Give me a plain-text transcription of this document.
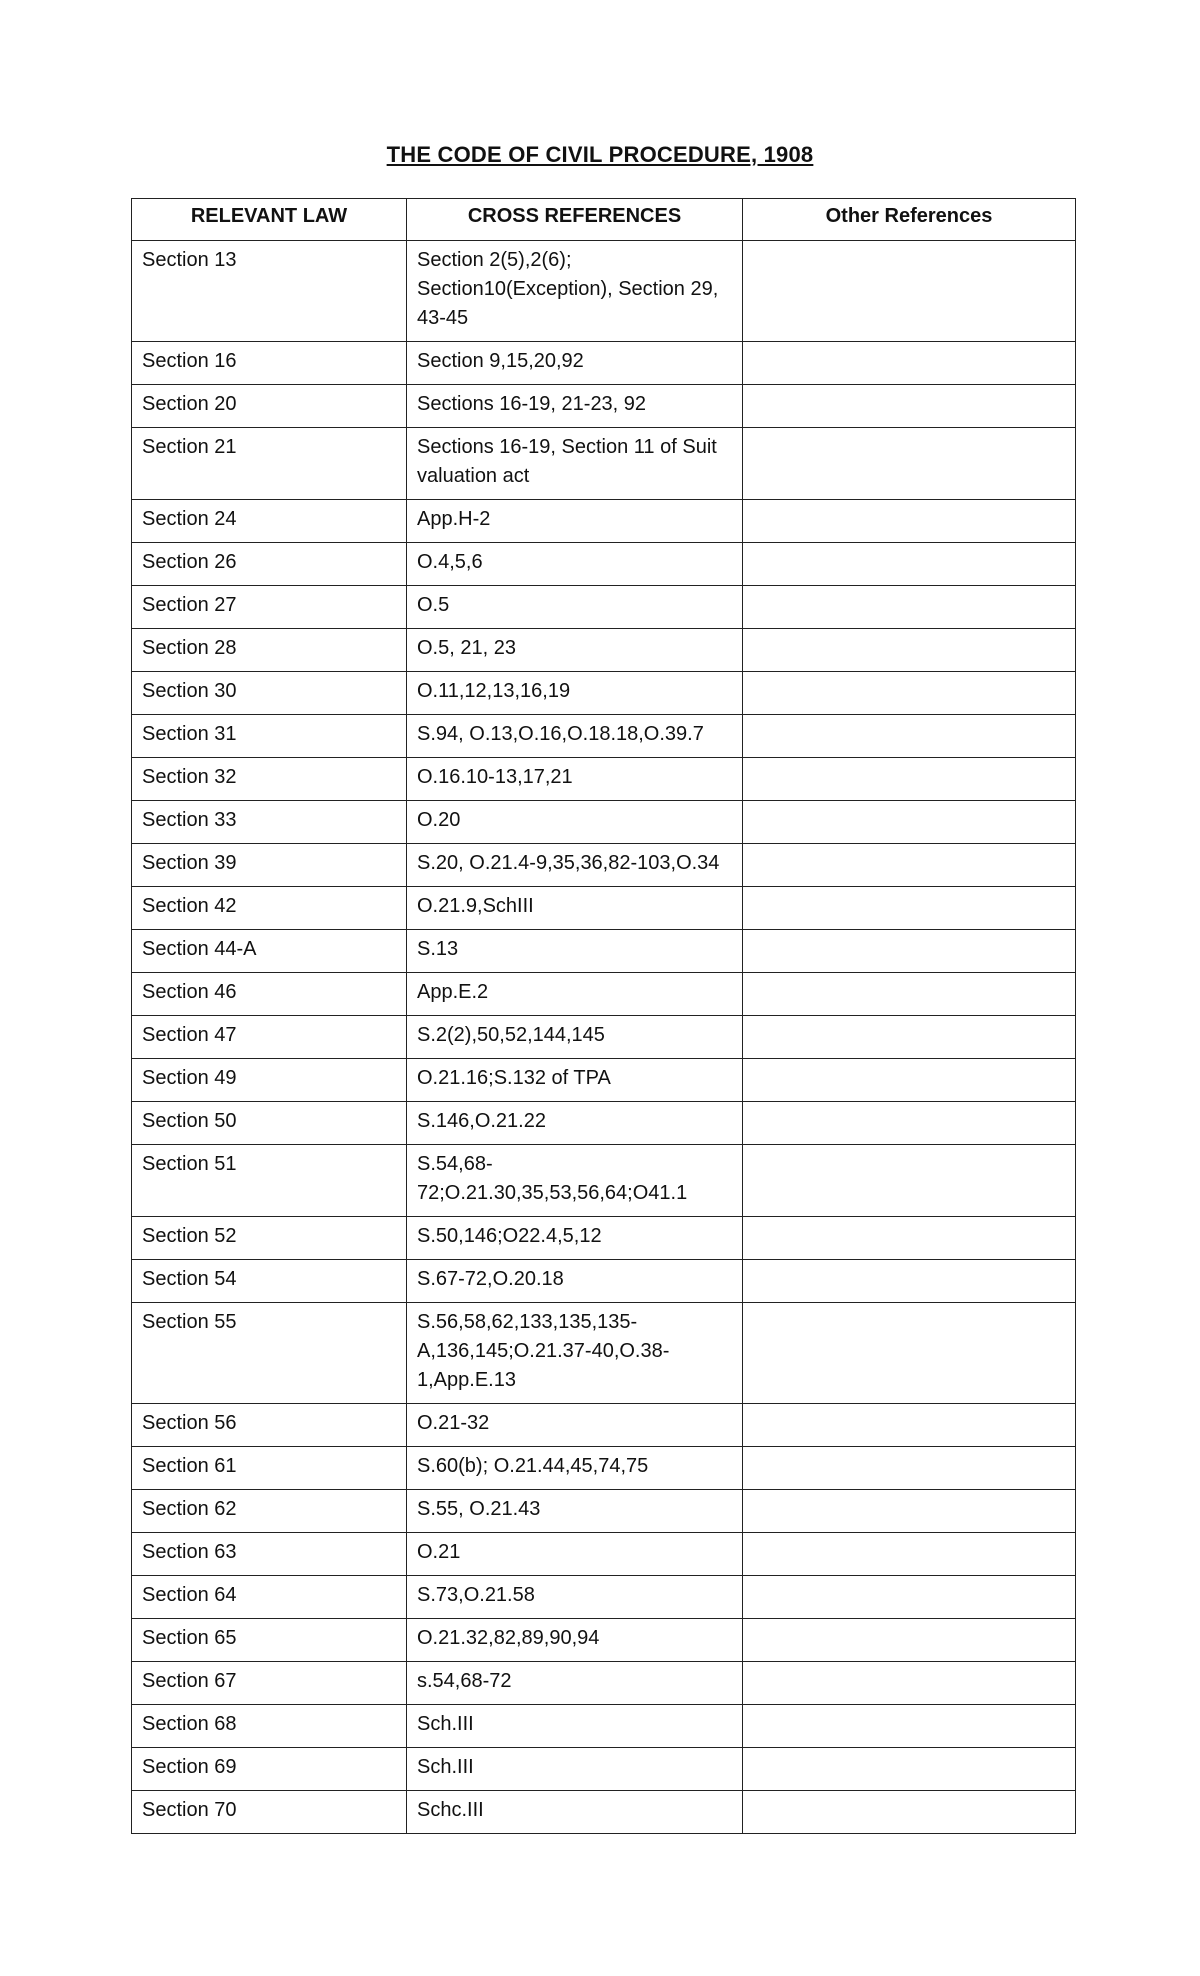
THE CODE OF CIVIL PROCEDURE, 1908
RELEVANT LAW	CROSS REFERENCES	Other References
Section 13	Section 2(5),2(6); Section10(Exception), Section 29, 43-45	
Section 16	Section 9,15,20,92	
Section 20	Sections 16-19, 21-23, 92	
Section 21	Sections 16-19, Section 11 of Suit valuation act	
Section 24	App.H-2	
Section 26	O.4,5,6	
Section 27	O.5	
Section 28	O.5, 21, 23	
Section 30	O.11,12,13,16,19	
Section 31	S.94, O.13,O.16,O.18.18,O.39.7	
Section 32	O.16.10-13,17,21	
Section 33	O.20	
Section 39	S.20, O.21.4-9,35,36,82-103,O.34	
Section 42	O.21.9,SchIII	
Section 44-A	S.13	
Section 46	App.E.2	
Section 47	S.2(2),50,52,144,145	
Section 49	O.21.16;S.132 of TPA	
Section 50	S.146,O.21.22	
Section 51	S.54,68-72;O.21.30,35,53,56,64;O41.1	
Section 52	S.50,146;O22.4,5,12	
Section 54	S.67-72,O.20.18	
Section 55	S.56,58,62,133,135,135-A,136,145;O.21.37-40,O.38-1,App.E.13	
Section 56	O.21-32	
Section 61	S.60(b); O.21.44,45,74,75	
Section 62	S.55, O.21.43	
Section 63	O.21	
Section 64	S.73,O.21.58	
Section 65	O.21.32,82,89,90,94	
Section 67	s.54,68-72	
Section 68	Sch.III	
Section 69	Sch.III	
Section 70	Schc.III	
